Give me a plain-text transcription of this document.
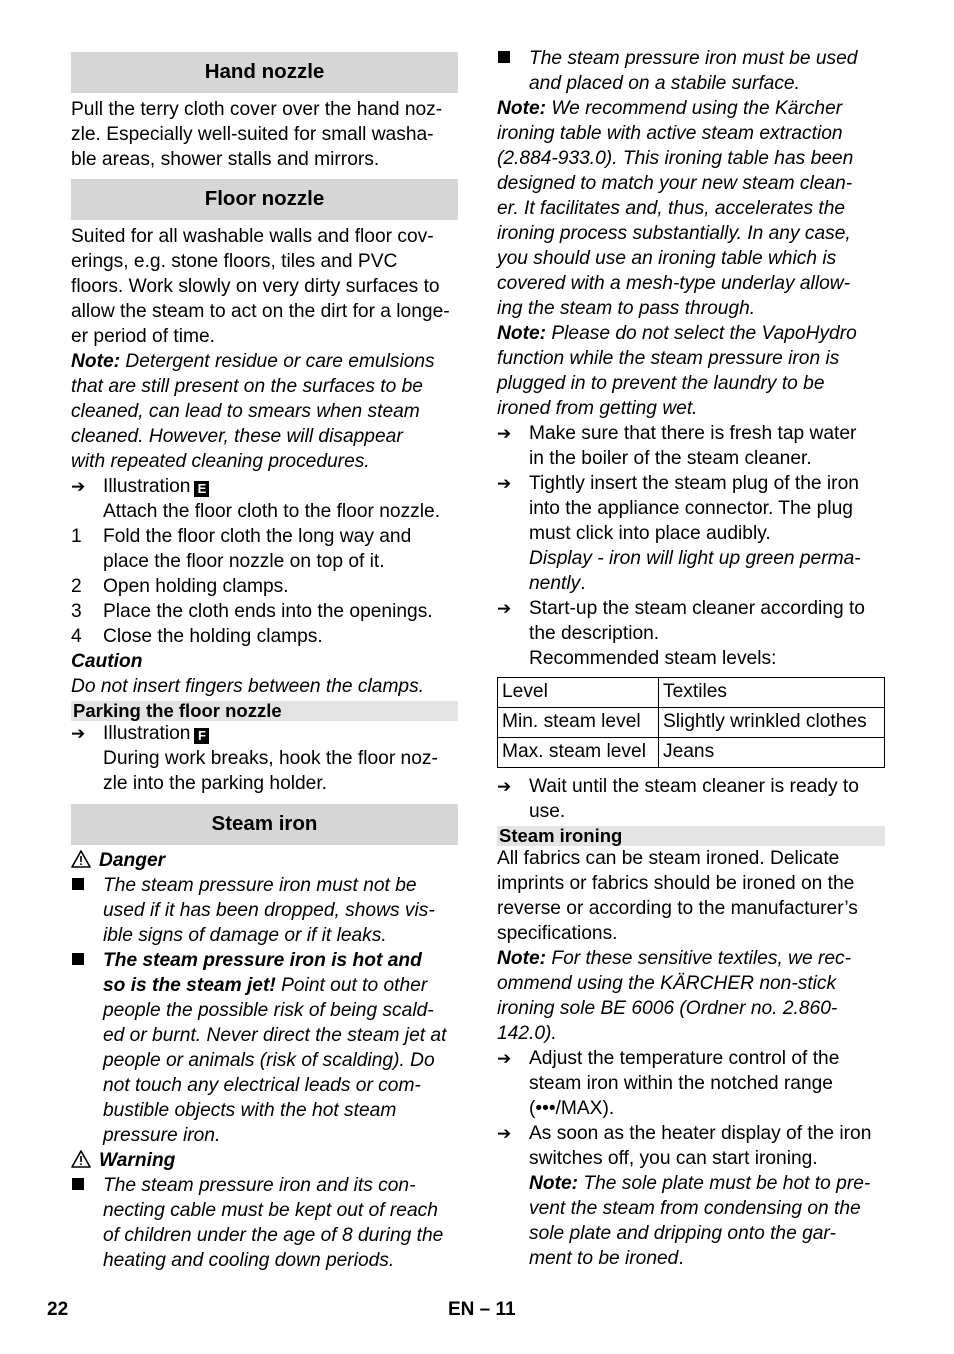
Hand nozzle

Pull the terry cloth cover over the hand noz-
zle. Especially well-suited for small washa-
ble areas, shower stalls and mirrors.

Floor nozzle

Suited for all washable walls and floor cov-
erings, e.g. stone floors, tiles and PVC
floors. Work slowly on very dirty surfaces to
allow the steam to act on the dirt for a longe-
er period of time.

Note: Detergent residue or care emulsions
that are still present on the surfaces to be
cleaned, can lead to smears when steam
cleaned. However, these will disappear
with repeated cleaning procedures.

➔ Illustration E

Attach the floor cloth to the floor nozzle.

1	Fold the floor cloth the long way and
place the floor nozzle on top of it.
2	Open holding clamps.
3	Place the cloth ends into the openings.
4	Close the holding clamps.

Caution

Do not insert fingers between the clamps.

Parking the floor nozzle
➔ Illustration F

During work breaks, hook the floor noz-
zle into the parking holder.

Steam iron

Danger

The steam pressure iron must not be
used if it has been dropped, shows vis-
ible signs of damage or if it leaks.
The steam pressure iron is hot and
so is the steam jet! Point out to other
people the possible risk of being scald-
ed or burnt. Never direct the steam jet at
people or animals (risk of scalding). Do
not touch any electrical leads or com-
bustible objects with the hot steam
pressure iron.

Warning

The steam pressure iron and its con-
necting cable must be kept out of reach
of children under the age of 8 during the
heating and cooling down periods.
The steam pressure iron must be used
and placed on a stabile surface.

Note: We recommend using the Kärcher
ironing table with active steam extraction
(2.884-933.0). This ironing table has been
designed to match your new steam clean-
er. It facilitates and, thus, accelerates the
ironing process substantially. In any case,
you should use an ironing table which is
covered with a mesh-type underlay allow-
ing the steam to pass through.

Note: Please do not select the VapoHydro
function while the steam pressure iron is
plugged in to prevent the laundry to be
ironed from getting wet.

➔ Make sure that there is fresh tap water
in the boiler of the steam cleaner.
➔ Tightly insert the steam plug of the iron
into the appliance connector. The plug
must click into place audibly.
Display - iron will light up green perma-
nently.
➔ Start-up the steam cleaner according to
the description.
Recommended steam levels:
Level	Textiles
Min. steam level	Slightly wrinkled clothes
Max. steam level	Jeans
➔ Wait until the steam cleaner is ready to
use.
Steam ironing

All fabrics can be steam ironed. Delicate
imprints or fabrics should be ironed on the
reverse or according to the manufacturer’s
specifications.

Note: For these sensitive textiles, we rec-
ommend using the KÄRCHER non-stick
ironing sole BE 6006 (Ordner no. 2.860-
142.0).

➔ Adjust the temperature control of the
steam iron within the notched range
(•••/MAX).
➔ As soon as the heater display of the iron
switches off, you can start ironing.
Note: The sole plate must be hot to pre-
vent the steam from condensing on the
sole plate and dripping onto the gar-
ment to be ironed.
22	EN – 11
